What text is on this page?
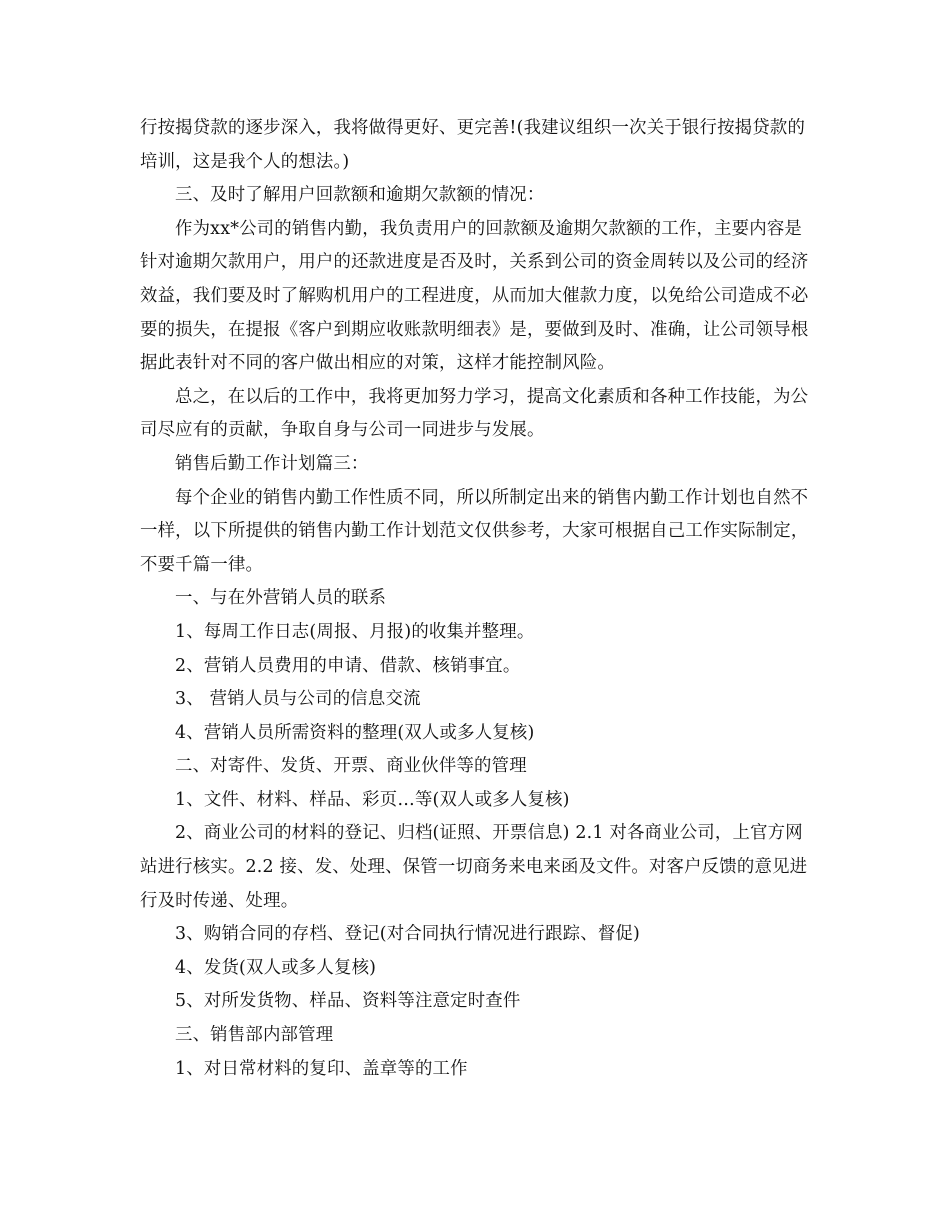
行按揭贷款的逐步深入，我将做得更好、更完善!(我建议组织一次关于银行按揭贷款的培训，这是我个人的想法。)

三、及时了解用户回款额和逾期欠款额的情况：

作为xx*公司的销售内勤，我负责用户的回款额及逾期欠款额的工作，主要内容是针对逾期欠款用户，用户的还款进度是否及时，关系到公司的资金周转以及公司的经济效益，我们要及时了解购机用户的工程进度，从而加大催款力度，以免给公司造成不必要的损失，在提报《客户到期应收账款明细表》是，要做到及时、准确，让公司领导根据此表针对不同的客户做出相应的对策，这样才能控制风险。

总之，在以后的工作中，我将更加努力学习，提高文化素质和各种工作技能，为公司尽应有的贡献，争取自身与公司一同进步与发展。

销售后勤工作计划篇三：

每个企业的销售内勤工作性质不同，所以所制定出来的销售内勤工作计划也自然不一样，以下所提供的销售内勤工作计划范文仅供参考，大家可根据自己工作实际制定，不要千篇一律。

一、与在外营销人员的联系

1、每周工作日志(周报、月报)的收集并整理。

2、营销人员费用的申请、借款、核销事宜。

3、 营销人员与公司的信息交流

4、营销人员所需资料的整理(双人或多人复核)

二、对寄件、发货、开票、商业伙伴等的管理

1、文件、材料、样品、彩页…等(双人或多人复核)

2、商业公司的材料的登记、归档(证照、开票信息) 2.1 对各商业公司，上官方网站进行核实。2.2 接、发、处理、保管一切商务来电来函及文件。对客户反馈的意见进行及时传递、处理。

3、购销合同的存档、登记(对合同执行情况进行跟踪、督促)

4、发货(双人或多人复核)

5、对所发货物、样品、资料等注意定时查件

三、销售部内部管理

1、对日常材料的复印、盖章等的工作
